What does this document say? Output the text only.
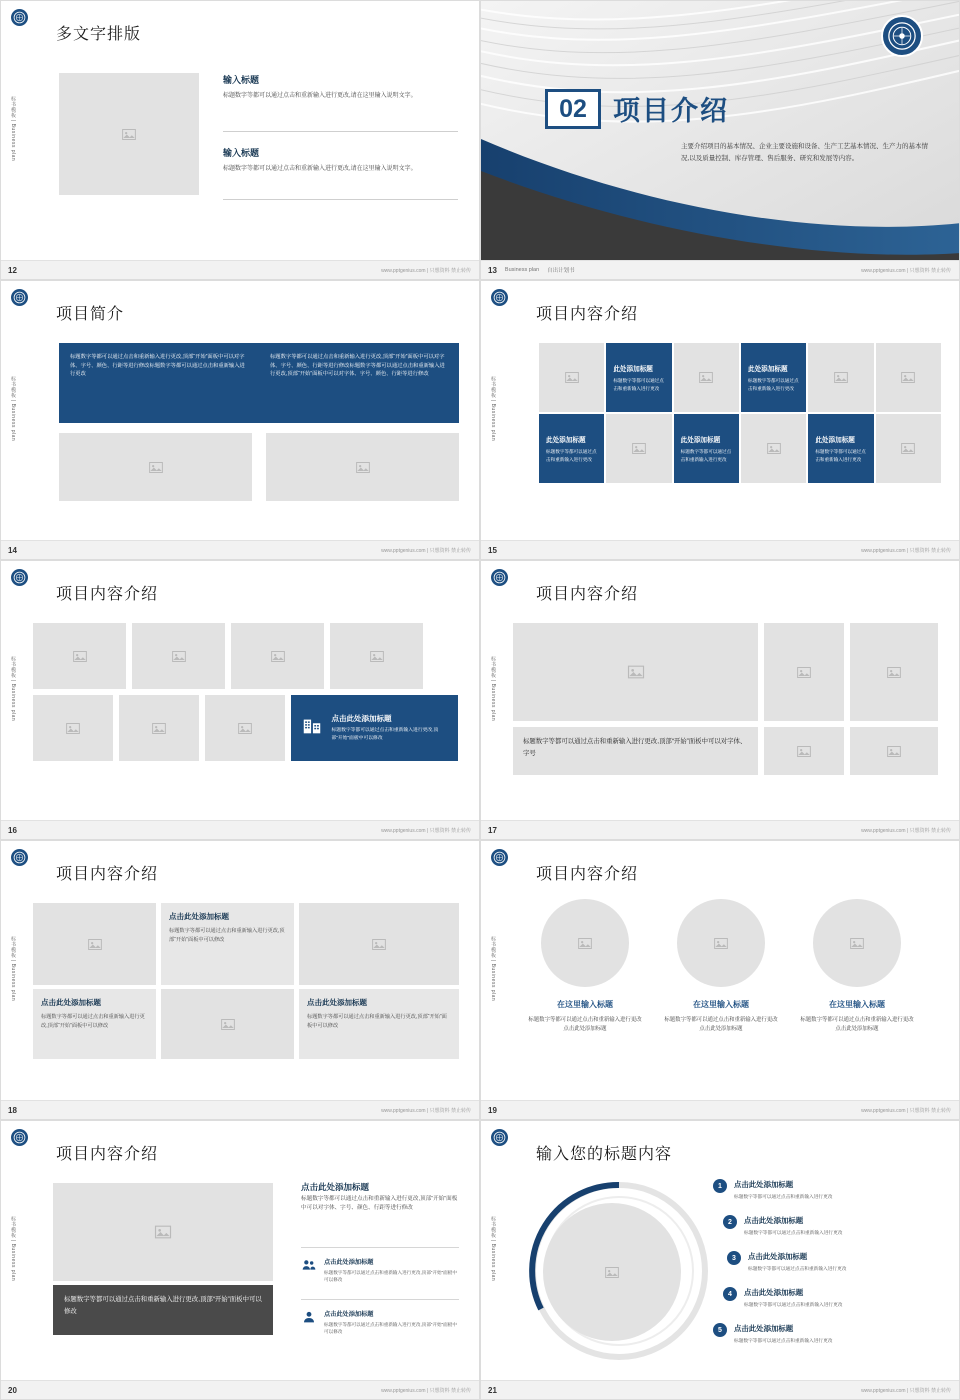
标书模板 | Business plan
多文字排版
输入标题
标题数字等都可以通过点击和重新输入进行更改,请在这里输入说明文字。
输入标题
标题数字等都可以通过点击和重新输入进行更改,请在这里输入说明文字。
12	www.pptgenius.com | 只想资料 禁止转传
02 项目介绍
主要介绍项目的基本情况、企业主要设施和设备、生产工艺基本情况、生产力的基本情况,以及质量控制、库存管理、售后服务、研究和发展等内容。
13 Business plan 自出计划书	www.pptgenius.com | 只想资料 禁止转传
标书模板 | Business plan
项目简介
标题数字等都可以通过点击和重新输入进行更改,顶部“开始”面板中可以对字体、字号、颜色、行距等进行修改标题数字等都可以通过点击和重新输入进行更改
标题数字等都可以通过点击和重新输入进行更改,顶部“开始”面板中可以对字体、字号、颜色、行距等进行修改标题数字等都可以通过点击和重新输入进行更改,顶部“开始”面板中可以对字体、字号、颜色、行距等进行修改
14	www.pptgenius.com | 只想资料 禁止转传
标书模板 | Business plan
项目内容介绍
此处添加标题
标题数字等都可以通过点击和重新输入进行更改
此处添加标题
标题数字等都可以通过点击和重新输入进行更改
此处添加标题
标题数字等都可以通过点击和重新输入进行更改
此处添加标题
标题数字等都可以通过点击和重新输入进行更改
此处添加标题
标题数字等都可以通过点击和重新输入进行更改
15	www.pptgenius.com | 只想资料 禁止转传
标书模板 | Business plan
项目内容介绍
点击此处添加标题
标题数字等都可以通过点击和重新输入进行更改,顶部“开始”面板中可以修改
16	www.pptgenius.com | 只想资料 禁止转传
标书模板 | Business plan
项目内容介绍
标题数字等都可以通过点击和重新输入进行更改,顶部“开始”面板中可以对字体、字号
17	www.pptgenius.com | 只想资料 禁止转传
标书模板 | Business plan
项目内容介绍
点击此处添加标题
标题数字等都可以通过点击和重新输入进行更改,顶部“开始”面板中可以修改
点击此处添加标题
标题数字等都可以通过点击和重新输入进行更改,顶部“开始”面板中可以修改
点击此处添加标题
标题数字等都可以通过点击和重新输入进行更改,顶部“开始”面板中可以修改
18	www.pptgenius.com | 只想资料 禁止转传
标书模板 | Business plan
项目内容介绍
在这里输入标题
标题数字等都可以通过点击和重新输入进行更改 点击此处添加标题
在这里输入标题
标题数字等都可以通过点击和重新输入进行更改 点击此处添加标题
在这里输入标题
标题数字等都可以通过点击和重新输入进行更改 点击此处添加标题
19	www.pptgenius.com | 只想资料 禁止转传
标书模板 | Business plan
项目内容介绍
标题数字等都可以通过点击和重新输入进行更改,顶部“开始”面板中可以修改
点击此处添加标题
标题数字等都可以通过点击和重新输入进行更改,顶部“开始”面板中可以对字体、字号、颜色、行距等进行修改
点击此处添加标题
标题数字等都可以通过点击和重新输入进行更改,顶部“开始”面板中可以修改
点击此处添加标题
标题数字等都可以通过点击和重新输入进行更改,顶部“开始”面板中可以修改
20	www.pptgenius.com | 只想资料 禁止转传
标书模板 | Business plan
输入您的标题内容
1	点击此处添加标题
标题数字等都可以通过点击和重新输入进行更改
2	点击此处添加标题
标题数字等都可以通过点击和重新输入进行更改
3	点击此处添加标题
标题数字等都可以通过点击和重新输入进行更改
4	点击此处添加标题
标题数字等都可以通过点击和重新输入进行更改
5	点击此处添加标题
标题数字等都可以通过点击和重新输入进行更改
21	www.pptgenius.com | 只想资料 禁止转传
